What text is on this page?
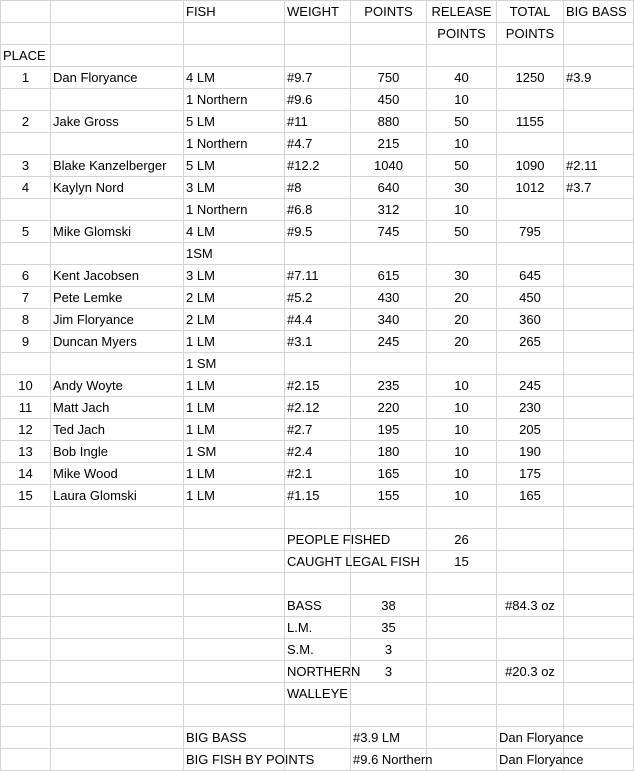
		FISH	WEIGHT	POINTS	RELEASE	TOTAL	BIG BASS
					POINTS	POINTS	
PLACE							
1	Dan Floryance	4 LM	#9.7	750	40	1250	#3.9
		1 Northern	#9.6	450	10		
2	Jake Gross	5 LM	#11	880	50	1155	
		1 Northern	#4.7	215	10		
3	Blake Kanzelberger	5 LM	#12.2	1040	50	1090	#2.11
4	Kaylyn Nord	3 LM	#8	640	30	1012	#3.7
		1 Northern	#6.8	312	10		
5	Mike Glomski	4 LM	#9.5	745	50	795	
		1SM					
6	Kent Jacobsen	3 LM	#7.11	615	30	645	
7	Pete Lemke	2 LM	#5.2	430	20	450	
8	Jim Floryance	2 LM	#4.4	340	20	360	
9	Duncan Myers	1 LM	#3.1	245	20	265	
		1 SM					
10	Andy Woyte	1 LM	#2.15	235	10	245	
11	Matt Jach	1 LM	#2.12	220	10	230	
12	Ted Jach	1 LM	#2.7	195	10	205	
13	Bob Ingle	1 SM	#2.4	180	10	190	
14	Mike Wood	1 LM	#2.1	165	10	175	
15	Laura Glomski	1 LM	#1.15	155	10	165	

			PEOPLE FISHED		26		
			CAUGHT LEGAL FISH		15		

			BASS	38		#84.3 oz	
			L.M.	35			
			S.M.	3			
			NORTHERN	3		#20.3 oz	
			WALLEYE				

		BIG BASS		#3.9 LM		Dan Floryance	
		BIG FISH BY POINTS		#9.6 Northern		Dan Floryance	
